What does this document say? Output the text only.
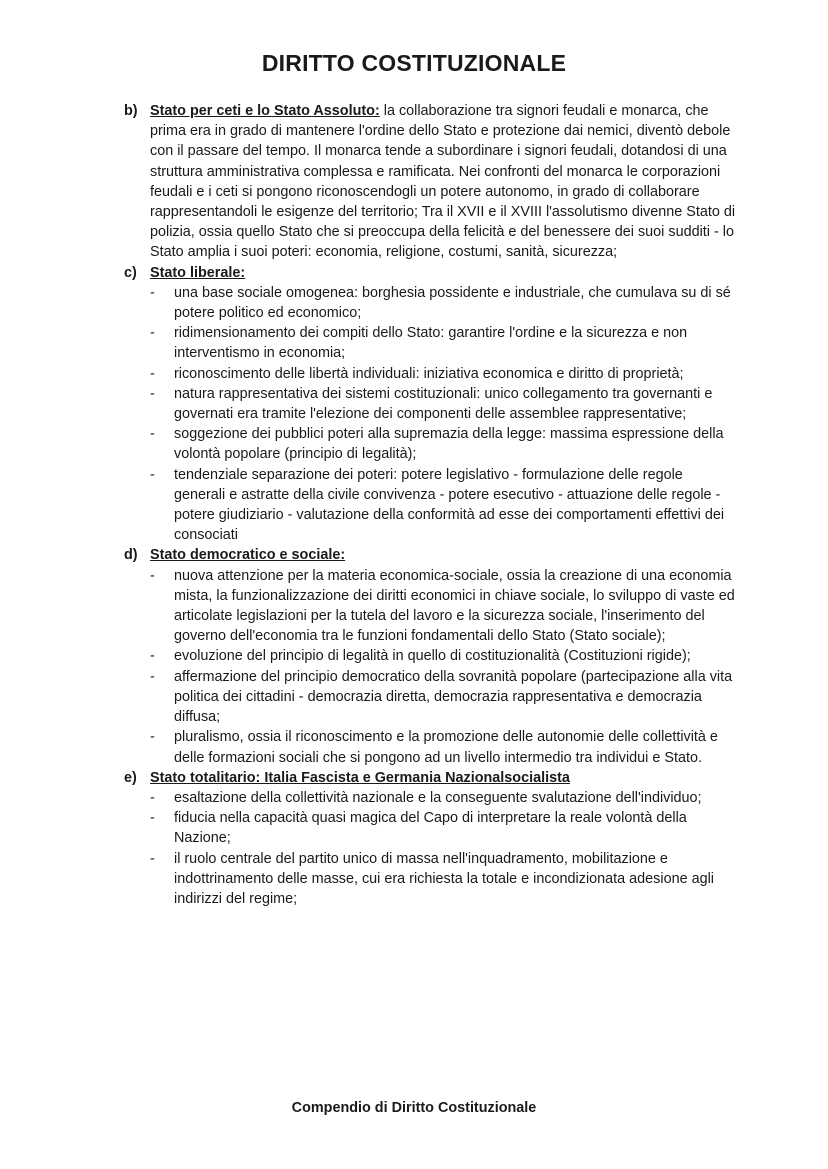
DIRITTO COSTITUZIONALE
b) Stato per ceti e lo Stato Assoluto: la collaborazione tra signori feudali e monarca, che prima era in grado di mantenere l'ordine dello Stato e protezione dai nemici, diventò debole con il passare del tempo. Il monarca tende a subordinare i signori feudali, dotandosi di una struttura amministrativa complessa e ramificata. Nei confronti del monarca le corporazioni feudali e i ceti si pongono riconoscendogli un potere autonomo, in grado di collaborare rappresentandoli le esigenze del territorio; Tra il XVII e il XVIII l'assolutismo divenne Stato di polizia, ossia quello Stato che si preoccupa della felicità e del benessere dei suoi sudditi - lo Stato amplia i suoi poteri: economia, religione, costumi, sanità, sicurezza;
c) Stato liberale:
- una base sociale omogenea: borghesia possidente e industriale, che cumulava su di sé potere politico ed economico;
- ridimensionamento dei compiti dello Stato: garantire l'ordine e la sicurezza e non interventismo in economia;
- riconoscimento delle libertà individuali: iniziativa economica e diritto di proprietà;
- natura rappresentativa dei sistemi costituzionali: unico collegamento tra governanti e governati era tramite l'elezione dei componenti delle assemblee rappresentative;
- soggezione dei pubblici poteri alla supremazia della legge: massima espressione della volontà popolare (principio di legalità);
- tendenziale separazione dei poteri: potere legislativo - formulazione delle regole generali e astratte della civile convivenza - potere esecutivo - attuazione delle regole - potere giudiziario - valutazione della conformità ad esse dei comportamenti effettivi dei consociati
d) Stato democratico e sociale:
- nuova attenzione per la materia economica-sociale, ossia la creazione di una economia mista, la funzionalizzazione dei diritti economici in chiave sociale, lo sviluppo di vaste ed articolate legislazioni per la tutela del lavoro e la sicurezza sociale, l'inserimento del governo dell'economia tra le funzioni fondamentali dello Stato (Stato sociale);
- evoluzione del principio di legalità in quello di costituzionalità (Costituzioni rigide);
- affermazione del principio democratico della sovranità popolare (partecipazione alla vita politica dei cittadini - democrazia diretta, democrazia rappresentativa e democrazia diffusa;
- pluralismo, ossia il riconoscimento e la promozione delle autonomie delle collettività e delle formazioni sociali che si pongono ad un livello intermedio tra individui e Stato.
e) Stato totalitario: Italia Fascista e Germania Nazionalsocialista
- esaltazione della collettività nazionale e la conseguente svalutazione dell'individuo;
- fiducia nella capacità quasi magica del Capo di interpretare la reale volontà della Nazione;
- il ruolo centrale del partito unico di massa nell'inquadramento, mobilitazione e indottrinamento delle masse, cui era richiesta la totale e incondizionata adesione agli indirizzi del regime;
Compendio di Diritto Costituzionale
